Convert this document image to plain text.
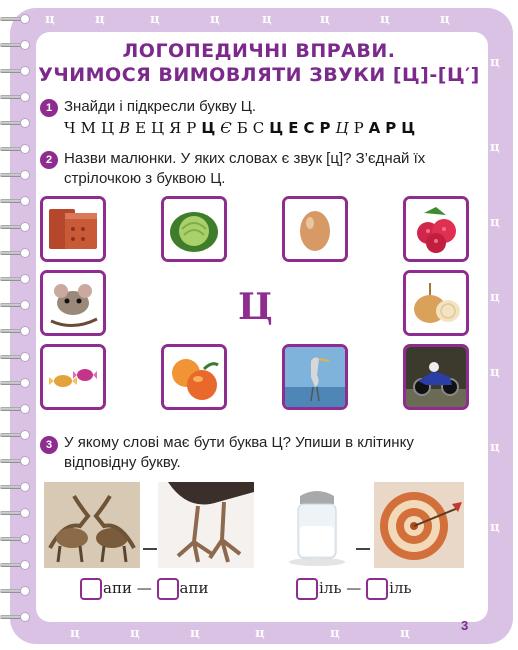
ц	ц	ц	ц	ц	ц	ц	ц
ц
ц
ц
ц
ц
ц
ц
ц	ц	ц	ц	ц	ц
ЛОГОПЕДИЧНІ ВПРАВИ.
УЧИМОСЯ ВИМОВЛЯТИ ЗВУКИ [Ц]-[Ц′]
1 Знайди і підкресли букву Ц.
Ч М Ц В Е Ц Я Р Ц Є Б С Ц Е С Р Ц Р А Р Ц
2 Назви малюнки. У яких словах є звук [ц]? З’єднай їх стрілочкою з буквою Ц.
Ц
3 У якому слові має бути буква Ц? Упиши в клітинку відповідну букву.
апи — апи	іль — іль
3
